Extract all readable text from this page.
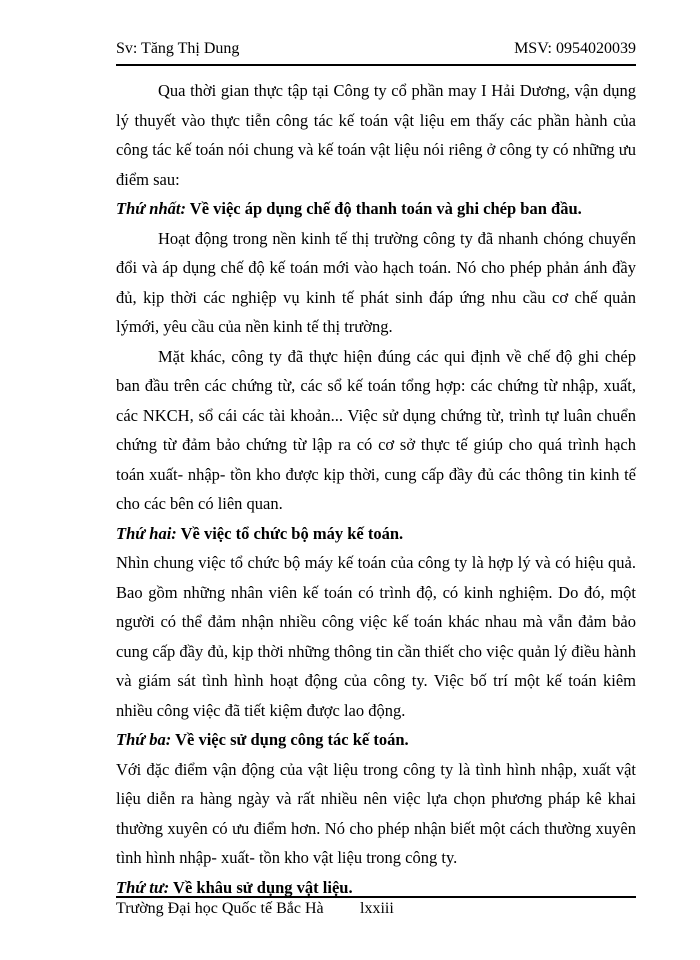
Sv: Tăng Thị Dung	MSV: 0954020039

Qua thời gian thực tập tại Công ty cổ phần may I Hải Dương, vận dụng lý thuyết vào thực tiễn công tác kế toán vật liệu em thấy các phần hành của công tác kế toán nói chung và kế toán vật liệu nói riêng ở công ty có những ưu điểm sau:

Thứ nhất: Về việc áp dụng chế độ thanh toán và ghi chép ban đầu.

Hoạt động trong nền kinh tế thị trường công ty đã nhanh chóng chuyển đổi và áp dụng chế độ kế toán mới vào hạch toán. Nó cho phép phản ánh đầy đủ, kịp thời các nghiệp vụ kinh tế phát sinh đáp ứng nhu cầu cơ chế quản lýmới, yêu cầu của nền kinh tế thị trường.

Mặt khác, công ty đã thực hiện đúng các qui định về chế độ ghi chép ban đầu trên các chứng từ, các sổ kế toán tổng hợp: các chứng từ nhập, xuất, các NKCH, sổ cái các tài khoản... Việc sử dụng chứng từ, trình tự luân chuển chứng từ đảm bảo chứng từ lập ra có cơ sở thực tế giúp cho quá trình hạch toán xuất- nhập- tồn kho được kịp thời, cung cấp đầy đủ các thông tin kinh tế cho các bên có liên quan.

Thứ hai: Về việc tổ chức bộ máy kế toán.

Nhìn chung việc tổ chức bộ máy kế toán của công ty là hợp lý và có hiệu quả. Bao gồm những nhân viên kế toán có trình độ, có kinh nghiệm. Do đó, một người có thể đảm nhận nhiều công việc kế toán khác nhau mà vẫn đảm bảo cung cấp đầy đủ, kịp thời những thông tin cần thiết cho việc quản lý điều hành và giám sát tình hình hoạt động của công ty. Việc bố trí một kế toán kiêm nhiều công việc đã tiết kiệm được lao động.

Thứ ba: Về việc sử dụng công tác kế toán.

Với đặc điểm vận động của vật liệu trong công ty là tình hình nhập, xuất vật liệu diễn ra hàng ngày và rất nhiều nên việc lựa chọn phương pháp kê khai thường xuyên có ưu điểm hơn. Nó cho phép nhận biết một cách thường xuyên tình hình nhập- xuất- tồn kho vật liệu trong công ty.

Thứ tư: Về khâu sử dụng vật liệu.

Trường Đại học Quốc tế Bắc Hà lxxiii
